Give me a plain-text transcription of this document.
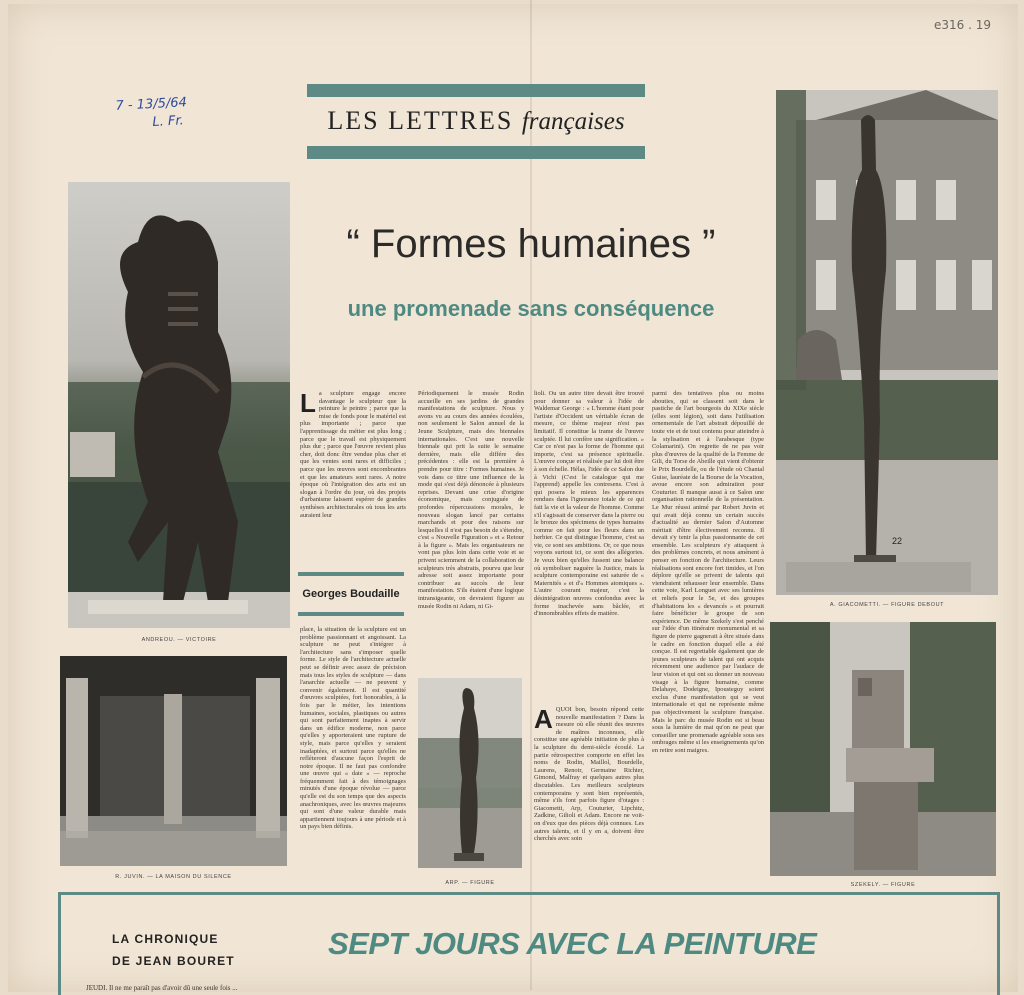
e316 . 19
7 - 13/5/64
L. Fr.	LES LETTRES françaises
“ Formes humaines ”
une promenade sans conséquence
ANDREOU. — VICTOIRE
R. JUVIN. — LA MAISON DU SILENCE
ARP. — FIGURE
22
A. GIACOMETTI. — FIGURE DEBOUT
SZEKELY. — FIGURE
Georges Boudaille
La sculpture engage encore davantage le sculpteur que la peinture le peintre ; parce que la mise de fonds pour le matériel est plus importante ; parce que l'apprentissage du métier est plus long ; parce que le travail est physiquement plus dur ; parce que l'œuvre revient plus cher, doit donc être vendue plus cher et que les ventes sont rares et difficiles ; parce que les œuvres sont encombrantes et que les amateurs sont rares. A notre époque où l'intégration des arts est un slogan à l'ordre du jour, où des projets d'urbanisme laissent espérer de grandes synthèses architecturales où tous les arts auraient leur
place, la situation de la sculpture est un problème passionnant et angoissant. La sculpture ne peut s'intégrer à l'architecture sans s'imposer quelle forme. Le style de l'architecture actuelle peut se définir avec assez de précision mais tous les styles de sculpture — dans l'anarchie actuelle — ne peuvent y convenir également. Il est quantité d'œuvres sculptées, fort honorables, à la fois par le métier, les intentions humaines, sociales, plastiques ou autres qui sont parfaitement inaptes à servir dans un édifice moderne, non parce qu'elles y apporteraient une rupture de style, mais parce qu'elles y seraient inadaptées, et surtout parce qu'elles ne refléteront d'aucune façon l'esprit de notre époque. Il ne faut pas confondre une œuvre qui « date » — reproche fréquemment fait à des témoignages minutés d'une époque révolue — parce qu'elle est du son temps que des aspects anachroniques, avec les œuvres majeures qui sont d'une valeur durable mais appartiennent toujours à une période et à un pays bien définis.
Périodiquement le musée Rodin accueille en ses jardins de grandes manifestations de sculpture. Nous y avons vu au cours des années écoulées, non seulement le Salon annuel de la Jeune Sculpture, mais des biennales internationales. C'est une nouvelle biennale qui prit la suite le semaine dernière, mais elle différe des précédentes : elle est la première à prendre pour titre : Formes humaines. Je vois dans ce titre une influence de la mode qui s'est déjà dénoncée à plusieurs reprises. Devant une crise d'origine économique, mais conjuguée de profondes répercussions morales, le nouveau slogan lancé par certains marchands et pour des raisons sur lesquelles il n'est pas besoin de s'étendre, c'est « Nouvelle Figuration » et « Retour à la figure ». Mais les organisateurs ne vont pas plus loin dans cette voie et se privent sciemment de la collaboration de sculpteurs très abstraits, pourvu que leur adresse soit assez importante pour contribuer au succès de leur manifestation. S'ils étaient d'une logique intransigeante, on devraient figurer au musée Rodin ni Adam, ni Gi-
lioli. Ou un autre titre devait être trouvé pour donner sa valeur à l'idée de Waldemar George : « L'homme étant pour l'artiste d'Occident un véritable écran de mesure, ce thème majeur n'est pas limitatif. Il constitue la trame de l'œuvre sculptée. Il lui confère une signification. » Car ce n'est pas la forme de l'homme qui importe, c'est sa présence spirituelle. L'œuvre conçue et réalisée par lui doit être à son échelle. Hélas, l'idée de ce Salon due à Vichi (C'est le catalogue qui me l'apprend) appelle les contresens. C'est à qui posera le mieux les apparences rendues dans l'ignorance totale de ce qui fait la vie et la valeur de l'homme. Comme s'il s'agissait de conserver dans la pierre ou le bronze des spécimens de types humains comme on fait pour les fleurs dans un herbier. Ce qui distingue l'homme, c'est sa vie, ce sont ses ambitions. Or, ce que nous voyons surtout ici, ce sont des allégories. Je veux bien qu'elles fussent une balance où symboliser naguère la Justice, mais la sculpture contemporaine est saturée de « Maternités » et d'« Hommes atomiques ». L'autre courant majeur, c'est la désintégration œuvres confondus avec la forme inachevée sans bâclée, et d'innombrables effets de matière.
AQUOI bon, besoin répond cette nouvelle manifestation ? Dans la mesure où elle réunit des œuvres de maîtres inconnues, elle constitue une agréable initiation de plus à la sculpture du demi-siècle écoulé. La partie rétrospective comporte en effet les noms de Rodin, Maillol, Bourdelle, Laurens, Renoir, Germaine Richier, Gimond, Malfray et quelques autres plus discutables. Les meilleurs sculpteurs contemporains y sont bien représentés, même s'ils font parfois figure d'otages : Giacometti, Arp, Couturier, Lipchitz, Zadkine, Gilioli et Adam. Encore ne voit-on d'eux que des pièces déjà connues. Les autres talents, et il y en a, doivent être cherchés avec soin
parmi des tentatives plus ou moins abouties, qui se classent soit dans le pastiche de l'art bourgeois du XIXe siècle (elles sont légion), soit dans l'utilisation ornementale de l'art abstrait dépouillé de toute vie et de tout contenu pour atteindre à la stylisation et à l'arabesque (type Colamarini). On regrette de ne pas voir plus d'œuvres de la qualité de la Femme de Gili, du Torse de Abeille qui vient d'obtenir le Prix Bourdelle, ou de l'étude où Chantal Guise, lauréate de la Bourse de la Vocation, avoue encore son admiration pour Couturier. Il manque aussi à ce Salon une organisation rationnelle de la présentation. Le Mur réussi animé par Robert Juvin et qui avait déjà connu un certain succès d'actualité au dernier Salon d'Automne méritait d'être électivement reconnu. Il devait s'y tenir la plus passionnante de cet ensemble. Les sculpteurs s'y attaquent à des problèmes concrets, et nous amènent à penser en fonction de l'architecture. Leurs réalisations sont encore fort timides, et l'on déplore qu'elle se privent de talents qui viendraient rehausser leur ensemble. Dans cette voie, Karl Longuet avec ses lumières et reliefs pour le 5e, et des groupes d'habitations les « devancés » et pourrait faire bénéficier le groupe de son expérience. De même Szekely s'est penché sur l'idée d'un itinéraire monumental et sa figure de pierre gagnerait à être située dans le cadre en fonction duquel elle a été conçue. Il est regrettable également que de jeunes sculpteurs de talent qui ont acquis récemment une audience par l'audace de leur vision et qui ont su donner un nouveau visage à la figure humaine, comme Delahaye, Dodeigne, Ipousteguy soient exclus d'une manifestation qui se veut internationale et qui ne représente même pas objectivement la sculpture française. Mais le parc du musée Rodin est si beau sous la lumière de mai qu'on ne peut que conseiller une promenade agréable sous ses ombrages même si les enseignements qu'on en retire sont maigres.
LA CHRONIQUE
DE JEAN BOURET	SEPT JOURS AVEC LA PEINTURE
JEUDI. Il ne me paraît pas d'avoir dû une seule fois ...
